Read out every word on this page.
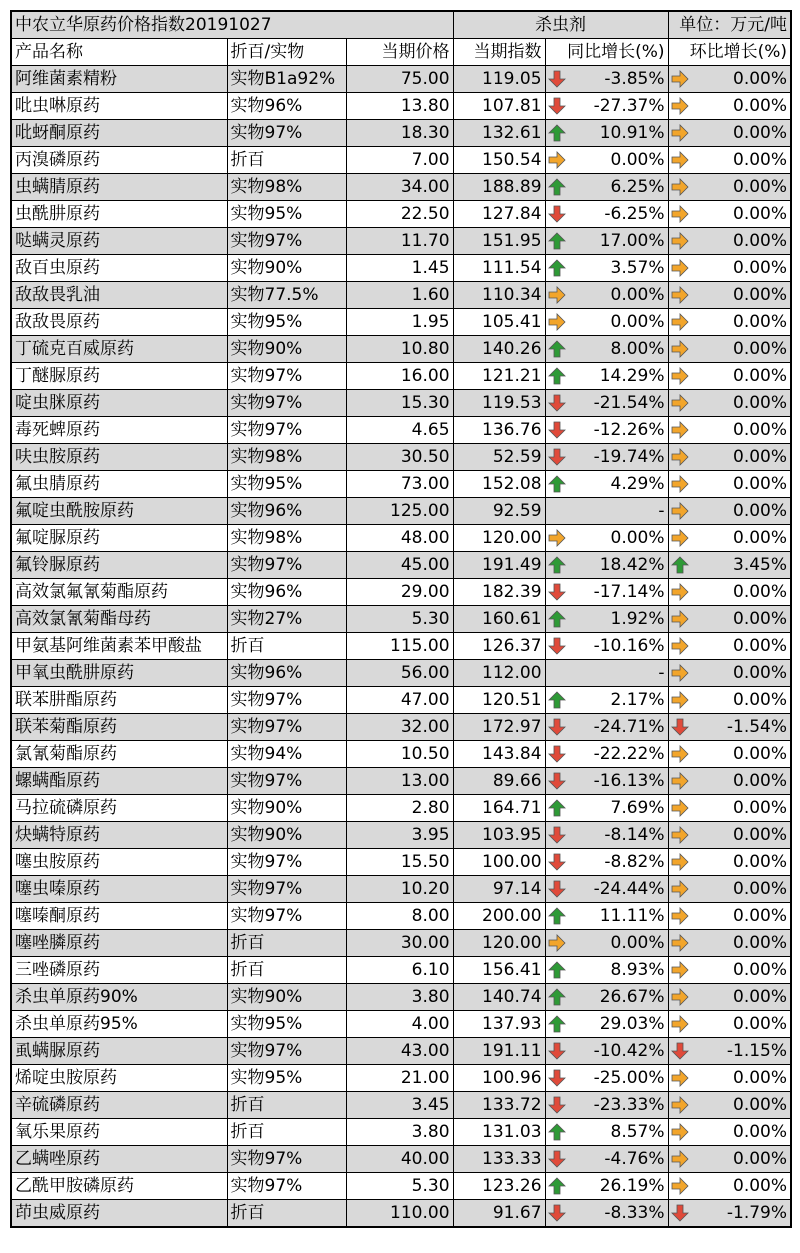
中农立华原药价格指数20191027			杀虫剂		单位：万元/吨
产品名称	折百/实物	当期价格	当期指数	同比增长(%)	环比增长(%)
阿维菌素精粉	实物B1a92%	75.00	119.05	-3.85%	0.00%
吡虫啉原药	实物96%	13.80	107.81	-27.37%	0.00%
吡蚜酮原药	实物97%	18.30	132.61	10.91%	0.00%
丙溴磷原药	折百	7.00	150.54	0.00%	0.00%
虫螨腈原药	实物98%	34.00	188.89	6.25%	0.00%
虫酰肼原药	实物95%	22.50	127.84	-6.25%	0.00%
哒螨灵原药	实物97%	11.70	151.95	17.00%	0.00%
敌百虫原药	实物90%	1.45	111.54	3.57%	0.00%
敌敌畏乳油	实物77.5%	1.60	110.34	0.00%	0.00%
敌敌畏原药	实物95%	1.95	105.41	0.00%	0.00%
丁硫克百威原药	实物90%	10.80	140.26	8.00%	0.00%
丁醚脲原药	实物97%	16.00	121.21	14.29%	0.00%
啶虫脒原药	实物97%	15.30	119.53	-21.54%	0.00%
毒死蜱原药	实物97%	4.65	136.76	-12.26%	0.00%
呋虫胺原药	实物98%	30.50	52.59	-19.74%	0.00%
氟虫腈原药	实物95%	73.00	152.08	4.29%	0.00%
氟啶虫酰胺原药	实物96%	125.00	92.59	-	0.00%
氟啶脲原药	实物98%	48.00	120.00	0.00%	0.00%
氟铃脲原药	实物97%	45.00	191.49	18.42%	3.45%
高效氯氟氰菊酯原药	实物96%	29.00	182.39	-17.14%	0.00%
高效氯氰菊酯母药	实物27%	5.30	160.61	1.92%	0.00%
甲氨基阿维菌素苯甲酸盐	折百	115.00	126.37	-10.16%	0.00%
甲氧虫酰肼原药	实物96%	56.00	112.00	-	0.00%
联苯肼酯原药	实物97%	47.00	120.51	2.17%	0.00%
联苯菊酯原药	实物97%	32.00	172.97	-24.71%	-1.54%
氯氰菊酯原药	实物94%	10.50	143.84	-22.22%	0.00%
螺螨酯原药	实物97%	13.00	89.66	-16.13%	0.00%
马拉硫磷原药	实物90%	2.80	164.71	7.69%	0.00%
炔螨特原药	实物90%	3.95	103.95	-8.14%	0.00%
噻虫胺原药	实物97%	15.50	100.00	-8.82%	0.00%
噻虫嗪原药	实物97%	10.20	97.14	-24.44%	0.00%
噻嗪酮原药	实物97%	8.00	200.00	11.11%	0.00%
噻唑膦原药	折百	30.00	120.00	0.00%	0.00%
三唑磷原药	折百	6.10	156.41	8.93%	0.00%
杀虫单原药90%	实物90%	3.80	140.74	26.67%	0.00%
杀虫单原药95%	实物95%	4.00	137.93	29.03%	0.00%
虱螨脲原药	实物97%	43.00	191.11	-10.42%	-1.15%
烯啶虫胺原药	实物95%	21.00	100.96	-25.00%	0.00%
辛硫磷原药	折百	3.45	133.72	-23.33%	0.00%
氧乐果原药	折百	3.80	131.03	8.57%	0.00%
乙螨唑原药	实物97%	40.00	133.33	-4.76%	0.00%
乙酰甲胺磷原药	实物97%	5.30	123.26	26.19%	0.00%
茚虫威原药	折百	110.00	91.67	-8.33%	-1.79%
